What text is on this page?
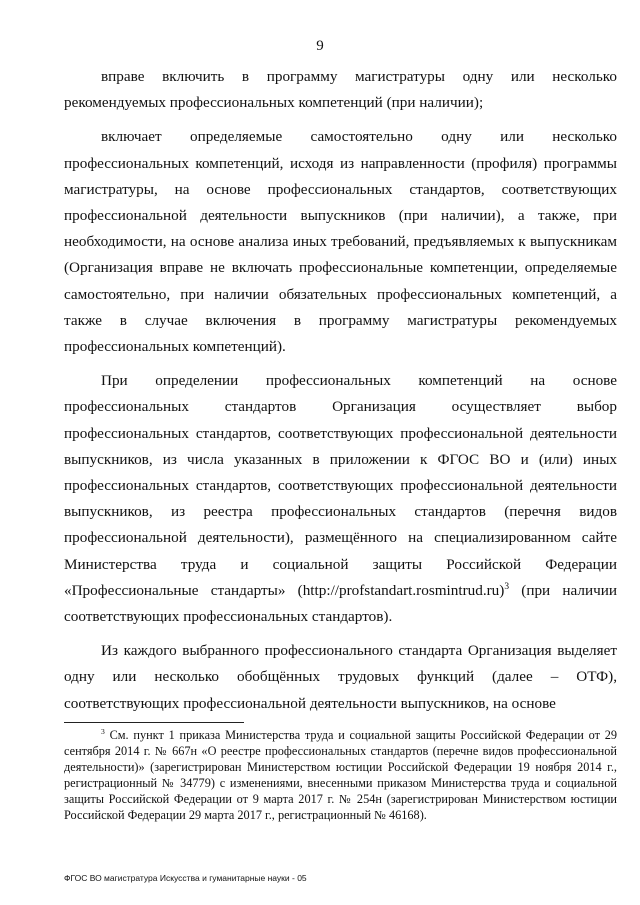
9

вправе включить в программу магистратуры одну или несколько рекомендуемых профессиональных компетенций (при наличии);

включает определяемые самостоятельно одну или несколько профессиональных компетенций, исходя из направленности (профиля) программы магистратуры, на основе профессиональных стандартов, соответствующих профессиональной деятельности выпускников (при наличии), а также, при необходимости, на основе анализа иных требований, предъявляемых к выпускникам (Организация вправе не включать профессиональные компетенции, определяемые самостоятельно, при наличии обязательных профессиональных компетенций, а также в случае включения в программу магистратуры рекомендуемых профессиональных компетенций).

При определении профессиональных компетенций на основе профессиональных стандартов Организация осуществляет выбор профессиональных стандартов, соответствующих профессиональной деятельности выпускников, из числа указанных в приложении к ФГОС ВО и (или) иных профессиональных стандартов, соответствующих профессиональной деятельности выпускников, из реестра профессиональных стандартов (перечня видов профессиональной деятельности), размещённого на специализированном сайте Министерства труда и социальной защиты Российской Федерации «Профессиональные стандарты» (http://profstandart.rosmintrud.ru)$^3$ (при наличии соответствующих профессиональных стандартов).

Из каждого выбранного профессионального стандарта Организация выделяет одну или несколько обобщённых трудовых функций (далее – ОТФ), соответствующих профессиональной деятельности выпускников, на основе

$^3$ См. пункт 1 приказа Министерства труда и социальной защиты Российской Федерации от 29 сентября 2014 г. № 667н «О реестре профессиональных стандартов (перечне видов профессиональной деятельности)» (зарегистрирован Министерством юстиции Российской Федерации 19 ноября 2014 г., регистрационный № 34779) с изменениями, внесенными приказом Министерства труда и социальной защиты Российской Федерации от 9 марта 2017 г. № 254н (зарегистрирован Министерством юстиции Российской Федерации 29 марта 2017 г., регистрационный № 46168).
ФГОС ВО магистратура Искусства и гуманитарные науки - 05
